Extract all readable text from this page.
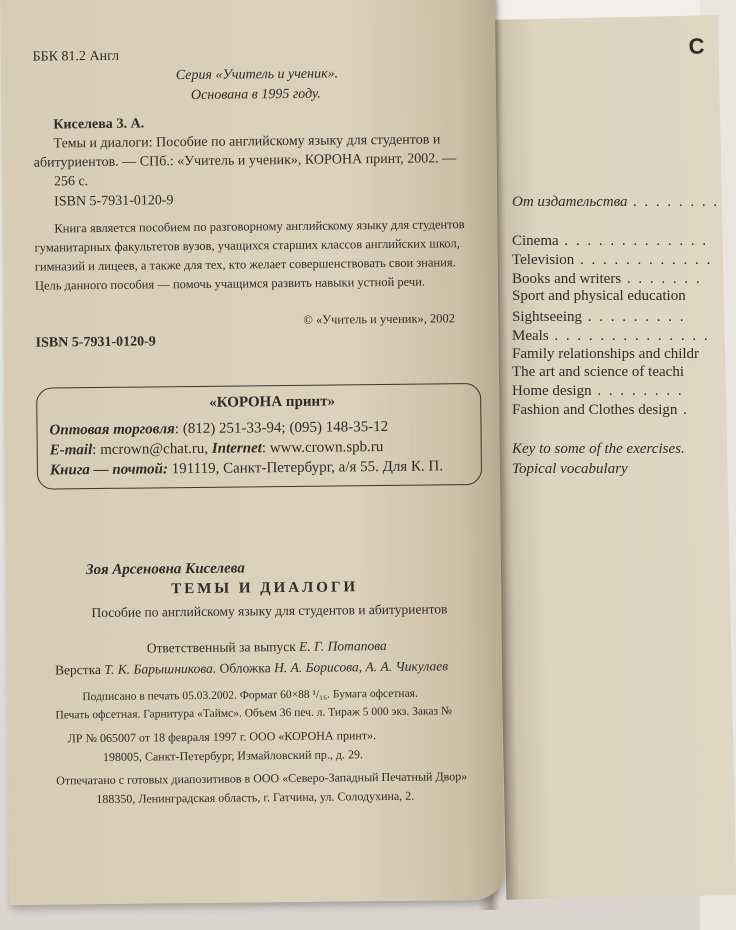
С
От издательства . . . . . . . .
Cinema . . . . . . . . . . . . .
Television . . . . . . . . . . . .
Books and writers . . . . . . .
Sport and physical education
Sightseeing . . . . . . . . .
Meals . . . . . . . . . . . . . .
Family relationships and childr
The art and science of teachi
Home design . . . . . . . .
Fashion and Clothes design .
Key to some of the exercises.
Topical vocabulary
ББК 81.2 Англ
Серия «Учитель и ученик».
Основана в 1995 году.
Киселева З. А.
Темы и диалоги: Пособие по английскому языку для студентов и
абитуриентов. — СПб.: «Учитель и ученик», КОРОНА принт, 2002. —
256 с.
ISBN 5-7931-0120-9
Книга является пособием по разговорному английскому языку для студентов
гуманитарных факультетов вузов, учащихся старших классов английских школ,
гимназий и лицеев, а также для тех, кто желает совершенствовать свои знания.
Цель данного пособия — помочь учащимся развить навыки устной речи.
© «Учитель и ученик», 2002
ISBN 5-7931-0120-9
«КОРОНА принт»
Оптовая торговля: (812) 251-33-94; (095) 148-35-12
E-mail: mcrown@chat.ru, Internet: www.crown.spb.ru
Книга — почтой: 191119, Санкт-Петербург, а/я 55. Для К. П.
Зоя Арсеновна Киселева
ТЕМЫ И ДИАЛОГИ
Пособие по английскому языку для студентов и абитуриентов
Ответственный за выпуск Е. Г. Потапова
Верстка Т. К. Барышникова. Обложка Н. А. Борисова, А. А. Чикулаев
Подписано в печать 05.03.2002. Формат 60×88 ¹/₁₆. Бумага офсетная.
Печать офсетная. Гарнитура «Таймс». Объем 36 печ. л. Тираж 5 000 экз. Заказ №
ЛР № 065007 от 18 февраля 1997 г. ООО «КОРОНА принт».
198005, Санкт-Петербург, Измайловский пр., д. 29.
Отпечатано с готовых диапозитивов в ООО «Северо-Западный Печатный Двор»
188350, Ленинградская область, г. Гатчина, ул. Солодухина, 2.
